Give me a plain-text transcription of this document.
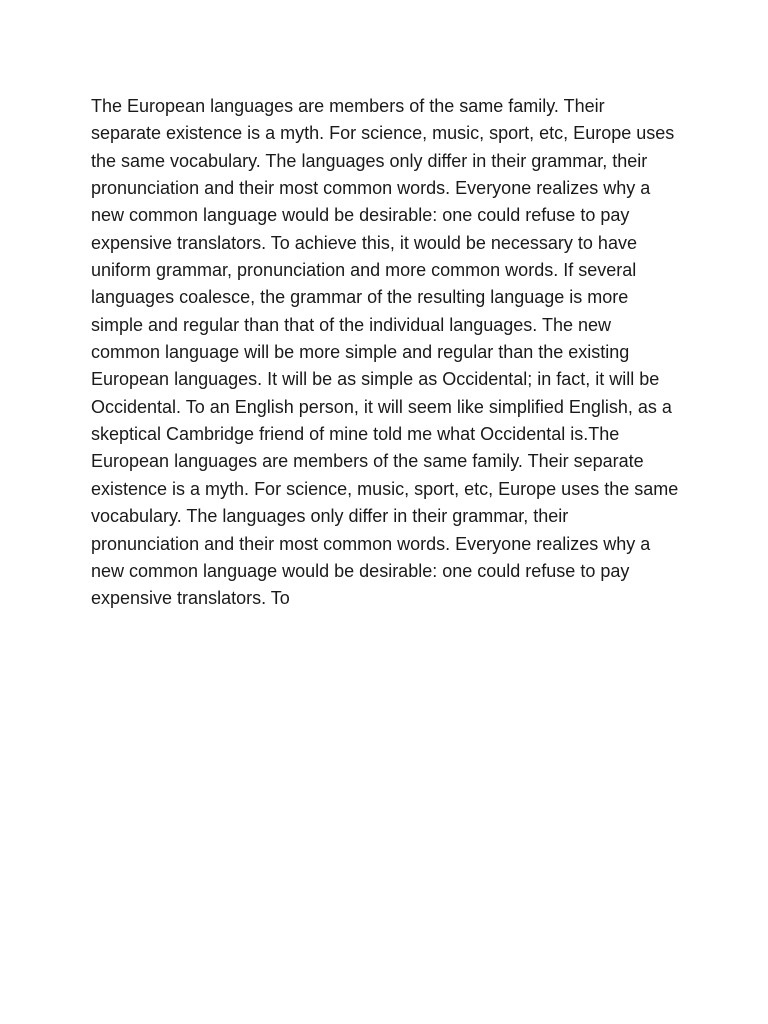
The European languages are members of the same family. Their
separate existence is a myth. For science, music, sport, etc, Europe uses
the same vocabulary. The languages only differ in their grammar, their
pronunciation and their most common words. Everyone realizes why a
new common language would be desirable: one could refuse to pay
expensive translators. To achieve this, it would be necessary to have
uniform grammar, pronunciation and more common words. If several
languages coalesce, the grammar of the resulting language is more
simple and regular than that of the individual languages. The new
common language will be more simple and regular than the existing
European languages. It will be as simple as Occidental; in fact, it will be
Occidental. To an English person, it will seem like simplified English, as a
skeptical Cambridge friend of mine told me what Occidental is.The
European languages are members of the same family. Their separate
existence is a myth. For science, music, sport, etc, Europe uses the same
vocabulary. The languages only differ in their grammar, their
pronunciation and their most common words. Everyone realizes why a
new common language would be desirable: one could refuse to pay
expensive translators. To
